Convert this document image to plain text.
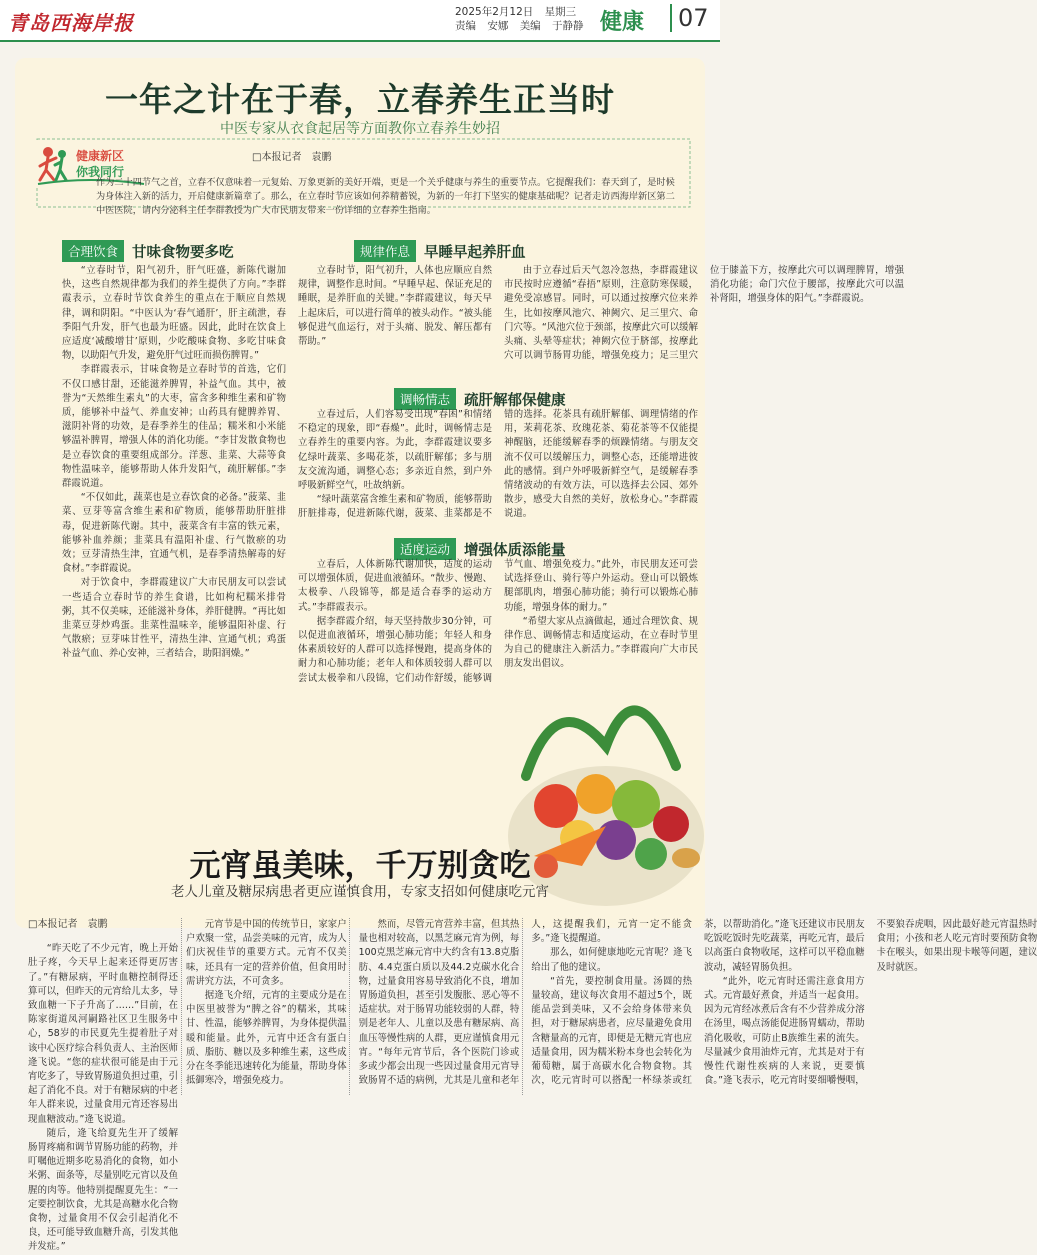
青岛西海岸报	2025年2月12日 星期三
责编 安娜 美编 于静静 健康	07
一年之计在于春，立春养生正当时
中医专家从衣食起居等方面教你立春养生妙招
健康新区
你我同行
□本报记者　袁鹏
作为二十四节气之首，立春不仅意味着一元复始、万象更新的美好开端，更是一个关乎健康与养生的重要节点。它提醒我们：春天到了，是时候为身体注入新的活力，开启健康新篇章了。那么，在立春时节应该如何养精蓄锐，为新的一年打下坚实的健康基础呢？记者走访西海岸新区第二中医医院，请内分泌科主任李群教授为广大市民朋友带来一份详细的立春养生指南。
合理饮食 甘味食物要多吃

“立春时节，阳气初升，肝气旺盛，新陈代谢加快，这些自然规律都为我们的养生提供了方向。”李群霞表示，立春时节饮食养生的重点在于顺应自然规律，调和阴阳。“中医认为‘春气通肝’，肝主疏泄，春季阳气升发，肝气也最为旺盛。因此，此时在饮食上应适度‘减酸增甘’原则，少吃酸味食物、多吃甘味食物，以助阳气升发，避免肝气过旺而损伤脾胃。”

李群霞表示，甘味食物是立春时节的首选，它们不仅口感甘甜，还能滋养脾胃，补益气血。其中，被誉为“天然维生素丸”的大枣，富含多种维生素和矿物质，能够补中益气、养血安神；山药具有健脾养胃、滋阴补肾的功效，是春季养生的佳品；糯米和小米能够温补脾胃，增强人体的消化功能。“李甘发散食物也是立春饮食的重要组成部分。洋葱、韭菜、大蒜等食物性温味辛，能够帮助人体升发阳气，疏肝解郁。”李群霞说道。

“不仅如此，蔬菜也是立春饮食的必备。”菠菜、韭菜、豆芽等富含维生素和矿物质，能够帮助肝脏排毒，促进新陈代谢。其中，菠菜含有丰富的铁元素，能够补血养颜；韭菜具有温阳补虚、行气散瘀的功效；豆芽清热生津，宜通气机，是春季清热解毒的好食材。”李群霞说。

对于饮食中，李群霞建议广大市民朋友可以尝试一些适合立春时节的养生食谱，比如枸杞糯米排骨粥，其不仅美味，还能滋补身体，养肝健脾。“再比如韭菜豆芽炒鸡蛋。韭菜性温味辛，能够温阳补虚、行气散瘀；豆芽味甘性平，清热生津、宣通气机；鸡蛋补益气血、养心安神，三者结合，助阳润燥。”

规律作息 早睡早起养肝血

立春时节，阳气初升，人体也应顺应自然规律，调整作息时间。“早睡早起、保证充足的睡眠，是养肝血的关键。”李群霞建议，每天早上起床后，可以进行简单的被头动作。“被头能够促进气血运行，对于头痛、脱发、解压都有帮助。”

由于立春过后天气忽冷忽热，李群霞建议市民按时应遵循“春捂”原则，注意防寒保暖，避免受凉感冒。同时，可以通过按摩穴位来养生，比如按摩风池穴、神阙穴、足三里穴、命门穴等。“风池穴位于颈部，按摩此穴可以缓解头痛、头晕等症状；神阙穴位于脐部，按摩此穴可以调节肠胃功能，增强免疫力；足三里穴位于膝盖下方，按摩此穴可以调理脾胃，增强消化功能；命门穴位于腰部，按摩此穴可以温补肾阳，增强身体的阳气。”李群霞说。

调畅情志 疏肝解郁保健康

立春过后，人们容易受出现“春困”和情绪不稳定的现象，即“春燥”。此时，调畅情志是立春养生的重要内容。为此，李群霞建议要多亿绿叶蔬菜、多喝花茶，以疏肝解郁；多与朋友交流沟通，调整心态；多亲近自然，到户外呼吸新鲜空气，吐故纳新。

“绿叶蔬菜富含维生素和矿物质，能够帮助肝脏排毒，促进新陈代谢，菠菜、韭菜都是不错的选择。花茶具有疏肝解郁、调理情绪的作用，茉莉花茶、玫瑰花茶、菊花茶等不仅能提神醒脑，还能缓解春季的烦躁情绪。与朋友交流不仅可以缓解压力，调整心态，还能增进彼此的感情。到户外呼吸新鲜空气，是缓解春季情绪波动的有效方法，可以选择去公园、郊外散步，感受大自然的美好，放松身心。”李群霞说道。

适度运动 增强体质添能量

立春后，人体新陈代谢加快，适度的运动可以增强体质，促进血液循环。“散步、慢跑、太极拳、八段锦等，都是适合春季的运动方式。”李群霞表示。

据李群霞介绍，每天坚持散步30分钟，可以促进血液循环，增强心肺功能；年轻人和身体素质较好的人群可以选择慢跑，提高身体的耐力和心肺功能；老年人和体质较弱人群可以尝试太极拳和八段锦，它们动作舒缓，能够调节气血、增强免疫力。”此外，市民朋友还可尝试选择登山、骑行等户外运动。登山可以锻炼腿部肌肉，增强心肺功能；骑行可以锻炼心肺功能，增强身体的耐力。”

“希望大家从点滴做起，通过合理饮食、规律作息、调畅情志和适度运动，在立春时节里为自己的健康注入新活力。”李群霞向广大市民朋友发出倡议。

元宵虽美味，千万别贪吃
老人儿童及糖尿病患者更应谨慎食用，专家支招如何健康吃元宵
□本报记者　袁鹏

“昨天吃了不少元宵，晚上开始肚子疼，今天早上起来还得更厉害了。”有糖尿病，平时血糖控制得还算可以，但昨天的元宵给儿太多，导致血糖一下子升高了……”目前，在陈家街道凤河嗣路社区卫生服务中心，58岁的市民夏先生提着肚子对该中心医疗综合科负责人、主治医师逄飞说。“您的症状很可能是由于元宵吃多了，导致胃肠道负担过重，引起了消化不良。对于有糖尿病的中老年人群来说，过量食用元宵还容易出现血糖波动。”逄飞说道。

随后，逄飞给夏先生开了缓解肠胃疼痛和调节胃肠功能的药物，并叮嘱他近期多吃易消化的食物，如小米粥、面条等，尽量别吃元宵以及鱼腥的肉等。他特别提醒夏先生：“一定要控制饮食，尤其是高糖水化合物食物，过量食用不仅会引起消化不良，还可能导致血糖升高，引发其他并发症。”

元宵节是中国的传统节日，家家户户欢聚一堂，品尝美味的元宵，成为人们庆祝佳节的重要方式。元宵不仅美味，还具有一定的营养价值，但食用时需讲究方法，不可贪多。

据逄飞介绍，元宵的主要成分是在中医里被誉为“脾之谷”的糯米，其味甘、性温，能够养脾胃，为身体提供温暖和能量。此外，元宵中还含有蛋白质、脂肪、糖以及多种维生素，这些成分在冬季能迅速转化为能量，帮助身体抵御寒冷，增强免疫力。

然而，尽管元宵营养丰富，但其热量也相对较高，以黑芝麻元宵为例，每100克黑芝麻元宵中大约含有13.8克脂肪、4.4克蛋白质以及44.2克碳水化合物，过量食用容易导致消化不良，增加胃肠道负担，甚至引发腹胀、恶心等不适症状。对于肠胃功能较弱的人群，特别是老年人、儿童以及患有糖尿病、高血压等慢性病的人群，更应谨慎食用元宵。“每年元宵节后，各个医院门诊或多或少都会出现一些因过量食用元宵导致肠胃不适的病例，尤其是儿童和老年人，这提醒我们，元宵一定不能贪多。”逄飞提醒道。

那么，如何健康地吃元宵呢？逄飞给出了他的建议。

“首先，要控制食用量。汤圆的热量较高，建议每次食用不超过5个，既能品尝到美味，又不会给身体带来负担，对于糖尿病患者，应尽量避免食用含糖量高的元宵，即便是无糖元宵也应适量食用，因为糯米粉本身也会转化为葡萄糖，属于高碳水化合物食物。其次，吃元宵时可以搭配一杯绿茶或红茶，以帮助消化。”逄飞还建议市民朋友吃饭吃饭时先吃蔬菜，再吃元宵，最后以高蛋白食物收尾，这样可以平稳血糖波动，减轻胃肠负担。

“此外，吃元宵时还需注意食用方式。元宵最好煮食，并适当一起食用。因为元宵经冰煮后含有不少营养成分溶在汤里，喝点汤能促进肠胃蠕动，帮助消化吸收，可防止B族维生素的流失。尽量减少食用油炸元宵，尤其是对于有慢性代谢性疾病的人来说，更要慎食。”逄飞表示，吃元宵时要细嚼慢咽，不要狼吞虎咽，因此最好趁元宵温热时食用；小孩和老人吃元宵时要预防食物卡在喉头，如果出现卡喉等问题，建议及时就医。
